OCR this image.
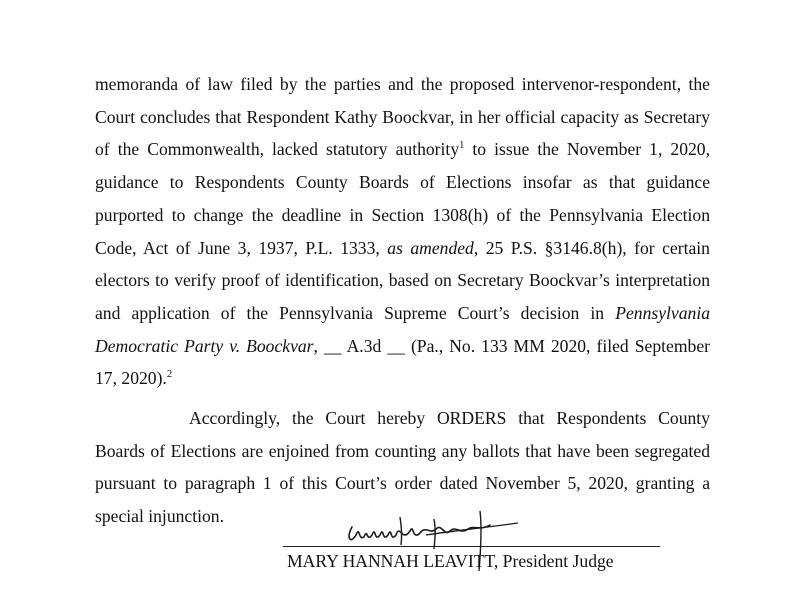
memoranda of law filed by the parties and the proposed intervenor-respondent, the Court concludes that Respondent Kathy Boockvar, in her official capacity as Secretary of the Commonwealth, lacked statutory authority$^1$ to issue the November 1, 2020, guidance to Respondents County Boards of Elections insofar as that guidance purported to change the deadline in Section 1308(h) of the Pennsylvania Election Code, Act of June 3, 1937, P.L. 1333, as amended, 25 P.S. §3146.8(h), for certain electors to verify proof of identification, based on Secretary Boockvar’s interpretation and application of the Pennsylvania Supreme Court’s decision in Pennsylvania Democratic Party v. Boockvar, __ A.3d __ (Pa., No. 133 MM 2020, filed September 17, 2020).$^2$

Accordingly, the Court hereby ORDERS that Respondents County Boards of Elections are enjoined from counting any ballots that have been segregated pursuant to paragraph 1 of this Court’s order dated November 5, 2020, granting a special injunction.

MARY HANNAH LEAVITT, President Judge
